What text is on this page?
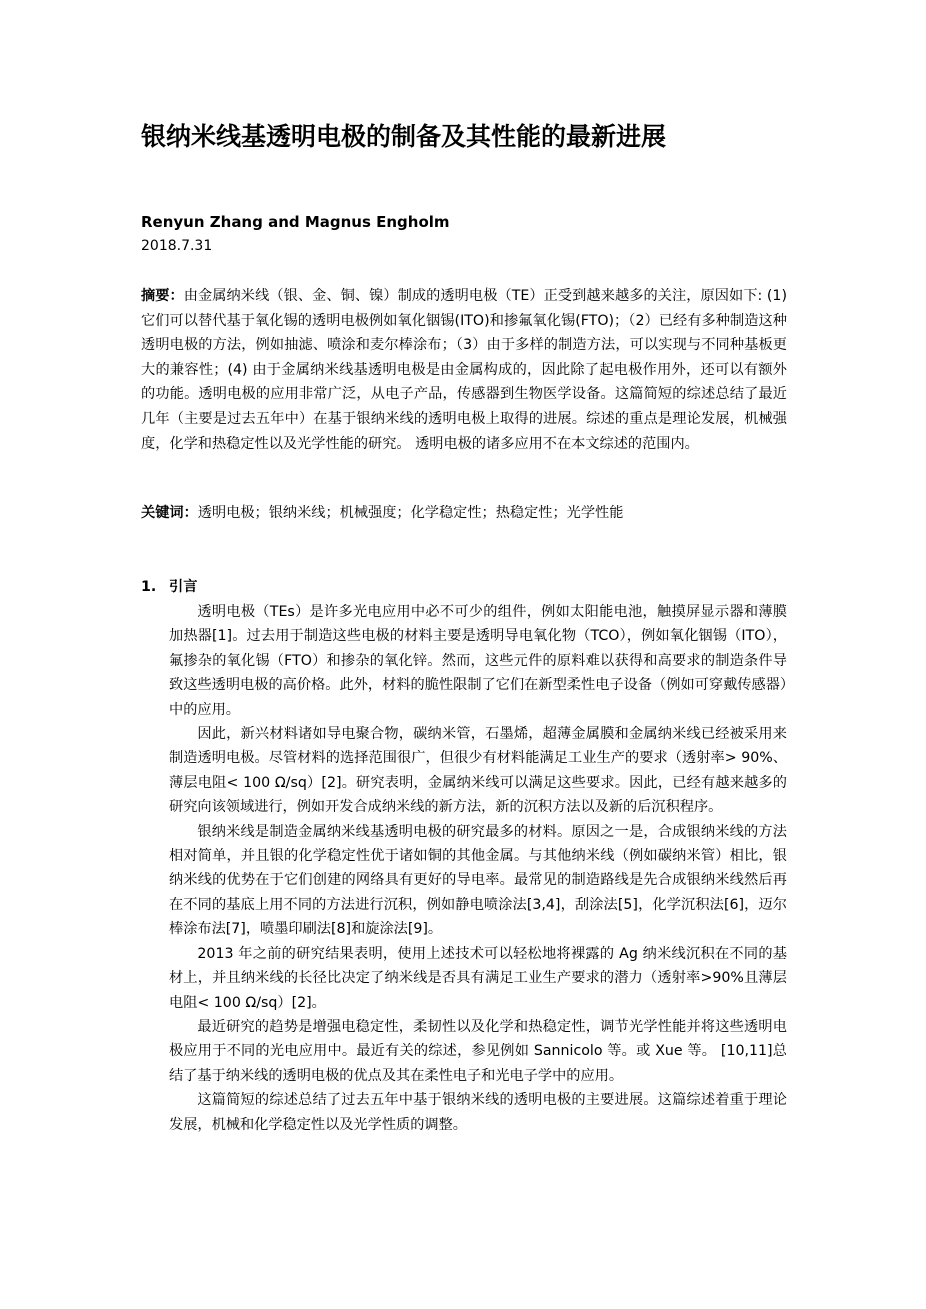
银纳米线基透明电极的制备及其性能的最新进展
Renyun Zhang and Magnus Engholm
2018.7.31

摘要：由金属纳米线（银、金、铜、镍）制成的透明电极（TE）正受到越来越多的关注，原因如下: (1) 它们可以替代基于氧化锡的透明电极例如氧化铟锡(ITO)和掺氟氧化锡(FTO)；（2）已经有多种制造这种透明电极的方法，例如抽滤、喷涂和麦尔棒涂布；（3）由于多样的制造方法，可以实现与不同种基板更大的兼容性；(4) 由于金属纳米线基透明电极是由金属构成的，因此除了起电极作用外，还可以有额外的功能。透明电极的应用非常广泛，从电子产品，传感器到生物医学设备。这篇简短的综述总结了最近几年（主要是过去五年中）在基于银纳米线的透明电极上取得的进展。综述的重点是理论发展，机械强度，化学和热稳定性以及光学性能的研究。 透明电极的诸多应用不在本文综述的范围内。

关键词：透明电极；银纳米线；机械强度；化学稳定性；热稳定性；光学性能
1. 引言

透明电极（TEs）是许多光电应用中必不可少的组件，例如太阳能电池，触摸屏显示器和薄膜加热器[1]。过去用于制造这些电极的材料主要是透明导电氧化物（TCO），例如氧化铟锡（ITO），氟掺杂的氧化锡（FTO）和掺杂的氧化锌。然而，这些元件的原料难以获得和高要求的制造条件导致这些透明电极的高价格。此外，材料的脆性限制了它们在新型柔性电子设备（例如可穿戴传感器）中的应用。

因此，新兴材料诸如导电聚合物，碳纳米管，石墨烯，超薄金属膜和金属纳米线已经被采用来制造透明电极。尽管材料的选择范围很广，但很少有材料能满足工业生产的要求（透射率> 90%、薄层电阻< 100 Ω/sq）[2]。研究表明，金属纳米线可以满足这些要求。因此，已经有越来越多的研究向该领域进行，例如开发合成纳米线的新方法，新的沉积方法以及新的后沉积程序。

银纳米线是制造金属纳米线基透明电极的研究最多的材料。原因之一是，合成银纳米线的方法相对简单，并且银的化学稳定性优于诸如铜的其他金属。与其他纳米线（例如碳纳米管）相比，银纳米线的优势在于它们创建的网络具有更好的导电率。最常见的制造路线是先合成银纳米线然后再在不同的基底上用不同的方法进行沉积，例如静电喷涂法[3,4]，刮涂法[5]，化学沉积法[6]，迈尔棒涂布法[7]，喷墨印刷法[8]和旋涂法[9]。

2013 年之前的研究结果表明，使用上述技术可以轻松地将裸露的 Ag 纳米线沉积在不同的基材上，并且纳米线的长径比决定了纳米线是否具有满足工业生产要求的潜力（透射率>90%且薄层电阻< 100 Ω/sq）[2]。

最近研究的趋势是增强电稳定性，柔韧性以及化学和热稳定性，调节光学性能并将这些透明电极应用于不同的光电应用中。最近有关的综述，参见例如 Sannicolo 等。或 Xue 等。 [10,11]总结了基于纳米线的透明电极的优点及其在柔性电子和光电子学中的应用。

这篇简短的综述总结了过去五年中基于银纳米线的透明电极的主要进展。这篇综述着重于理论发展，机械和化学稳定性以及光学性质的调整。
